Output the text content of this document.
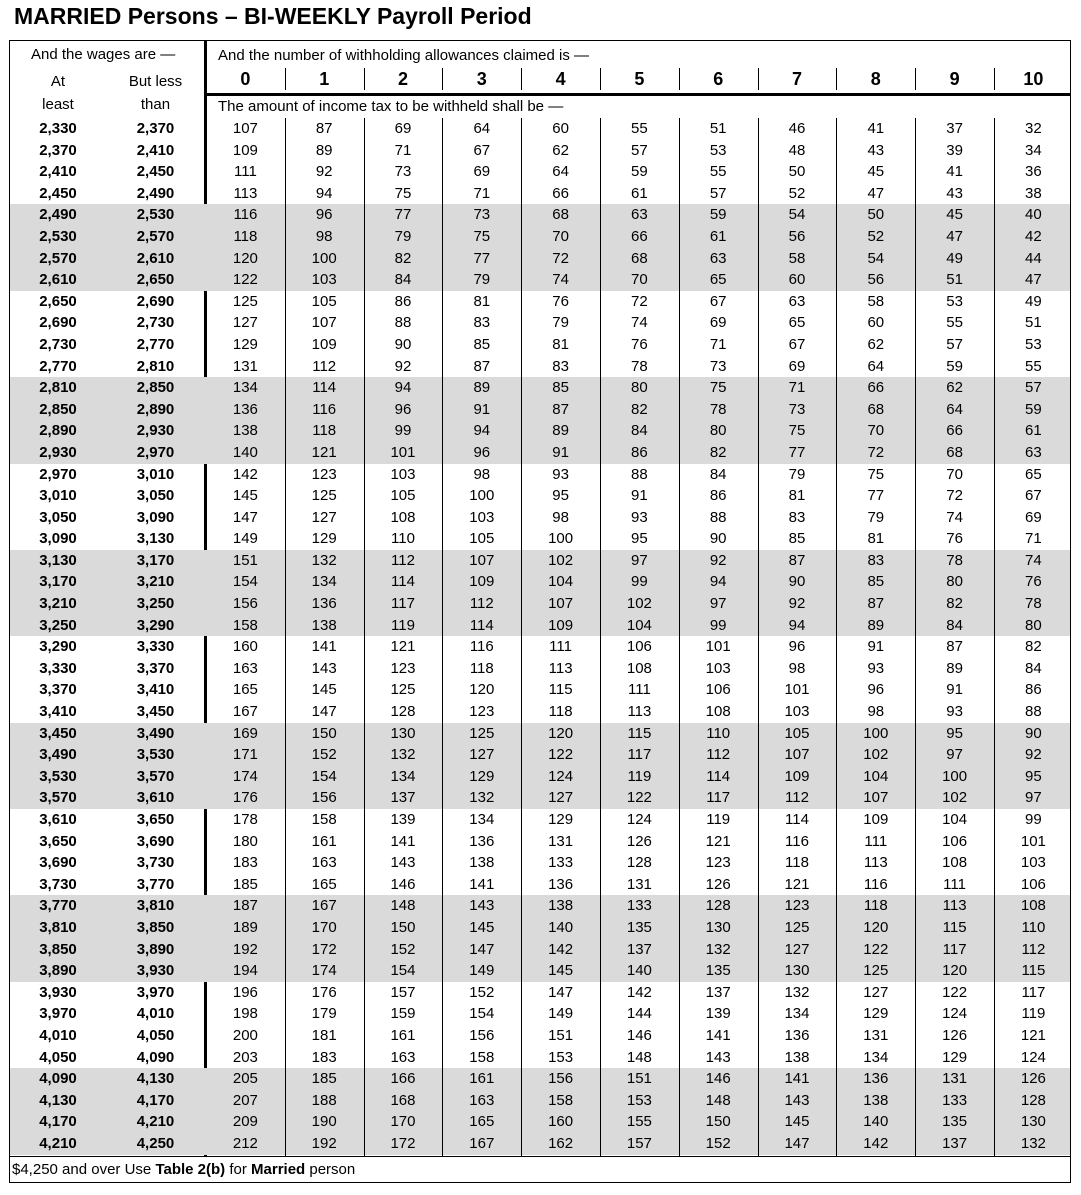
MARRIED Persons – BI-WEEKLY Payroll Period
And the wages are —	And the number of withholding allowances claimed is —
At
least
But less
than	The amount of income tax to be withheld shall be —
0	1	2	3	4	5	6	7	8	9	10
2,330	2,370	107	87	69	64	60	55	51	46	41	37	32
2,370	2,410	109	89	71	67	62	57	53	48	43	39	34
2,410	2,450	111	92	73	69	64	59	55	50	45	41	36
2,450	2,490	113	94	75	71	66	61	57	52	47	43	38
2,490	2,530	116	96	77	73	68	63	59	54	50	45	40
2,530	2,570	118	98	79	75	70	66	61	56	52	47	42
2,570	2,610	120	100	82	77	72	68	63	58	54	49	44
2,610	2,650	122	103	84	79	74	70	65	60	56	51	47
2,650	2,690	125	105	86	81	76	72	67	63	58	53	49
2,690	2,730	127	107	88	83	79	74	69	65	60	55	51
2,730	2,770	129	109	90	85	81	76	71	67	62	57	53
2,770	2,810	131	112	92	87	83	78	73	69	64	59	55
2,810	2,850	134	114	94	89	85	80	75	71	66	62	57
2,850	2,890	136	116	96	91	87	82	78	73	68	64	59
2,890	2,930	138	118	99	94	89	84	80	75	70	66	61
2,930	2,970	140	121	101	96	91	86	82	77	72	68	63
2,970	3,010	142	123	103	98	93	88	84	79	75	70	65
3,010	3,050	145	125	105	100	95	91	86	81	77	72	67
3,050	3,090	147	127	108	103	98	93	88	83	79	74	69
3,090	3,130	149	129	110	105	100	95	90	85	81	76	71
3,130	3,170	151	132	112	107	102	97	92	87	83	78	74
3,170	3,210	154	134	114	109	104	99	94	90	85	80	76
3,210	3,250	156	136	117	112	107	102	97	92	87	82	78
3,250	3,290	158	138	119	114	109	104	99	94	89	84	80
3,290	3,330	160	141	121	116	111	106	101	96	91	87	82
3,330	3,370	163	143	123	118	113	108	103	98	93	89	84
3,370	3,410	165	145	125	120	115	111	106	101	96	91	86
3,410	3,450	167	147	128	123	118	113	108	103	98	93	88
3,450	3,490	169	150	130	125	120	115	110	105	100	95	90
3,490	3,530	171	152	132	127	122	117	112	107	102	97	92
3,530	3,570	174	154	134	129	124	119	114	109	104	100	95
3,570	3,610	176	156	137	132	127	122	117	112	107	102	97
3,610	3,650	178	158	139	134	129	124	119	114	109	104	99
3,650	3,690	180	161	141	136	131	126	121	116	111	106	101
3,690	3,730	183	163	143	138	133	128	123	118	113	108	103
3,730	3,770	185	165	146	141	136	131	126	121	116	111	106
3,770	3,810	187	167	148	143	138	133	128	123	118	113	108
3,810	3,850	189	170	150	145	140	135	130	125	120	115	110
3,850	3,890	192	172	152	147	142	137	132	127	122	117	112
3,890	3,930	194	174	154	149	145	140	135	130	125	120	115
3,930	3,970	196	176	157	152	147	142	137	132	127	122	117
3,970	4,010	198	179	159	154	149	144	139	134	129	124	119
4,010	4,050	200	181	161	156	151	146	141	136	131	126	121
4,050	4,090	203	183	163	158	153	148	143	138	134	129	124
4,090	4,130	205	185	166	161	156	151	146	141	136	131	126
4,130	4,170	207	188	168	163	158	153	148	143	138	133	128
4,170	4,210	209	190	170	165	160	155	150	145	140	135	130
4,210	4,250	212	192	172	167	162	157	152	147	142	137	132
$4,250 and over Use Table 2(b) for Married person
